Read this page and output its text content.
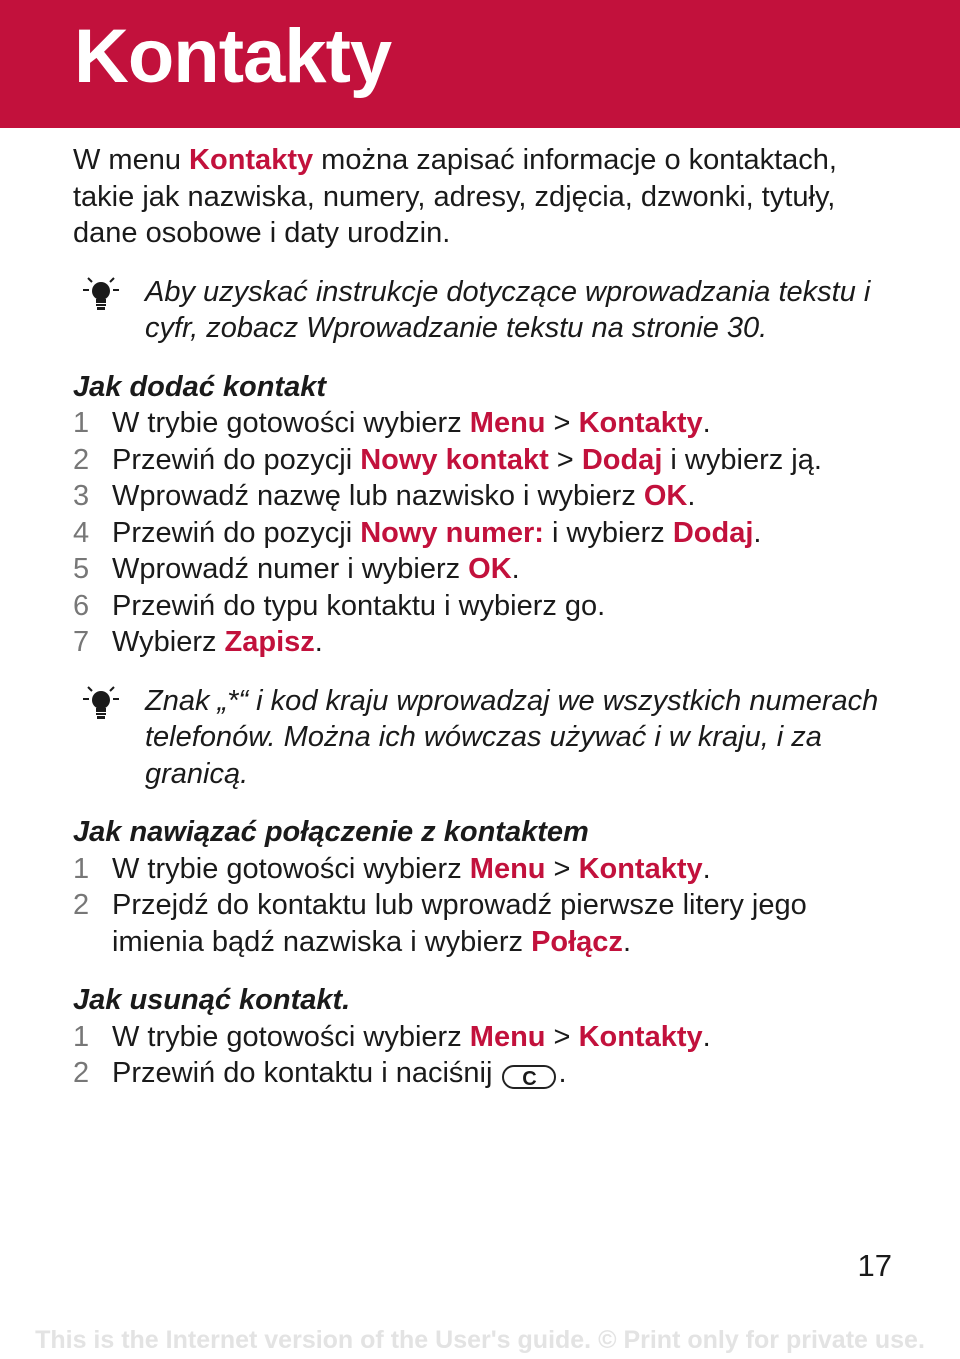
Kontakty

W menu Kontakty można zapisać informacje o kontaktach, takie jak nazwiska, numery, adresy, zdjęcia, dzwonki, tytuły, dane osobowe i daty urodzin.

Aby uzyskać instrukcje dotyczące wprowadzania tekstu i cyfr, zobacz Wprowadzanie tekstu na stronie 30.

Jak dodać kontakt
1 W trybie gotowości wybierz Menu > Kontakty.
2 Przewiń do pozycji Nowy kontakt > Dodaj i wybierz ją.
3 Wprowadź nazwę lub nazwisko i wybierz OK.
4 Przewiń do pozycji Nowy numer: i wybierz Dodaj.
5 Wprowadź numer i wybierz OK.
6 Przewiń do typu kontaktu i wybierz go.
7 Wybierz Zapisz.

Znak „*“ i kod kraju wprowadzaj we wszystkich numerach telefonów. Można ich wówczas używać i w kraju, i za granicą.

Jak nawiązać połączenie z kontaktem
1 W trybie gotowości wybierz Menu > Kontakty.
2 Przejdź do kontaktu lub wprowadź pierwsze litery jego imienia bądź nazwiska i wybierz Połącz.
Jak usunąć kontakt.
1 W trybie gotowości wybierz Menu > Kontakty.
2 Przewiń do kontaktu i naciśnij C .
17
This is the Internet version of the User's guide. © Print only for private use.
